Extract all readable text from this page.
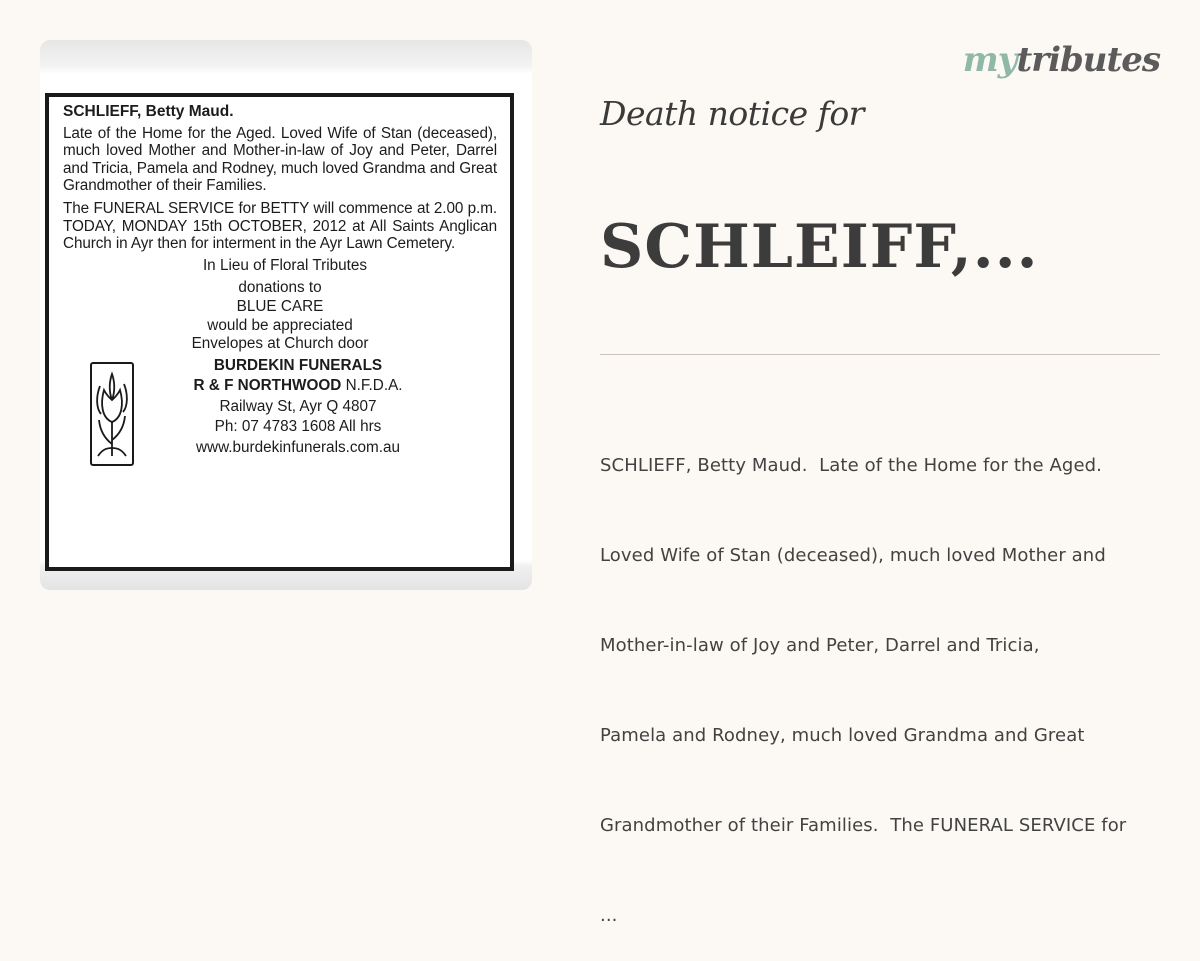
SCHLIEFF, Betty Maud.
Late of the Home for the Aged. Loved Wife of Stan (deceased), much loved Mother and Mother-in-law of Joy and Peter, Darrel and Tricia, Pamela and Rodney, much loved Grandma and Great Grandmother of their Families.
The FUNERAL SERVICE for BETTY will commence at 2.00 p.m. TODAY, MONDAY 15th OCTOBER, 2012 at All Saints Anglican Church in Ayr then for interment in the Ayr Lawn Cemetery.
In Lieu of Floral Tributes
donations to
BLUE CARE
would be appreciated
Envelopes at Church door
BURDEKIN FUNERALS
R & F NORTHWOOD N.F.D.A.
Railway St, Ayr Q 4807
Ph: 07 4783 1608 All hrs
www.burdekinfunerals.com.au
mytributes
Death notice for
SCHLEIFF,...

SCHLIEFF, Betty Maud.  Late of the Home for the Aged.

Loved Wife of Stan (deceased), much loved Mother and

Mother-in-law of Joy and Peter, Darrel and Tricia,

Pamela and Rodney, much loved Grandma and Great

Grandmother of their Families.  The FUNERAL SERVICE for

...
